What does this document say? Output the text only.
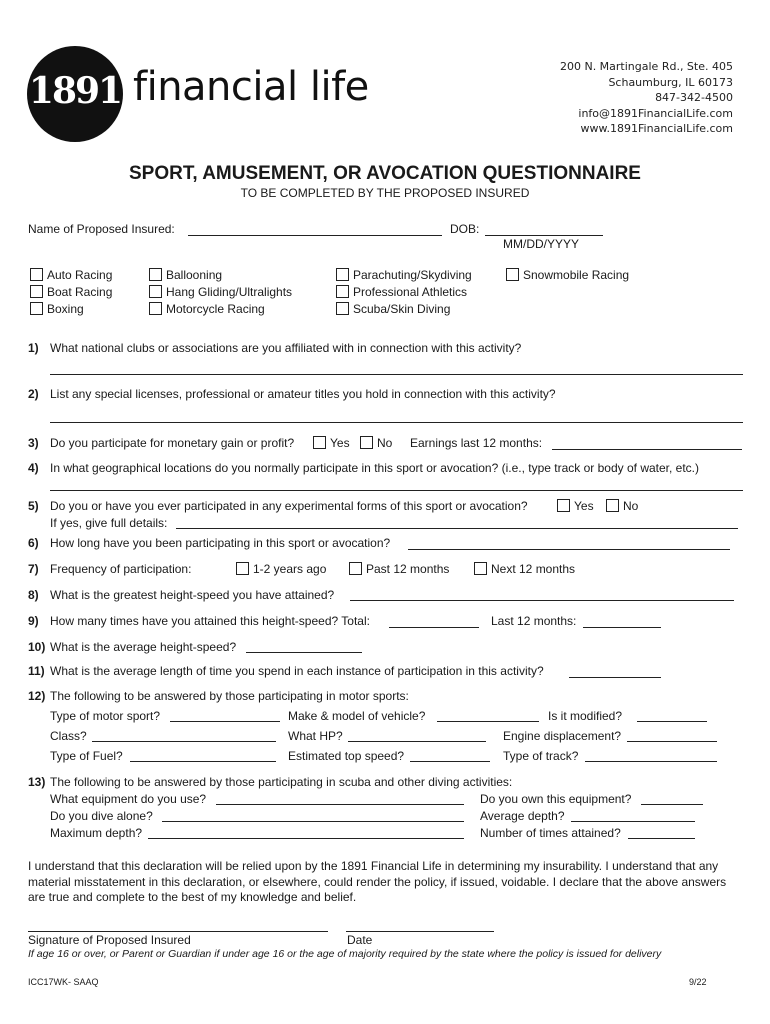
1891 financial life	200 N. Martingale Rd., Ste. 405
Schaumburg, IL 60173
847-342-4500
info@1891FinancialLife.com
www.1891FinancialLife.com
SPORT, AMUSEMENT, OR AVOCATION QUESTIONNAIRE
TO BE COMPLETED BY THE PROPOSED INSURED
Name of Proposed Insured:	DOB:
MM/DD/YYYY
Auto Racing
Boat Racing
Boxing
Ballooning
Hang Gliding/Ultralights
Motorcycle Racing
Parachuting/Skydiving
Professional Athletics
Scuba/Skin Diving
Snowmobile Racing
1) What national clubs or associations are you affiliated with in connection with this activity?
2) List any special licenses, professional or amateur titles you hold in connection with this activity?
3) Do you participate for monetary gain or profit?	Yes	No Earnings last 12 months:
4) In what geographical locations do you normally participate in this sport or avocation? (i.e., type track or body of water, etc.)
5) Do you or have you ever participated in any experimental forms of this sport or avocation?	Yes	No
If yes, give full details:
6) How long have you been participating in this sport or avocation?
7) Frequency of participation:	1-2 years ago	Past 12 months	Next 12 months
8) What is the greatest height-speed you have attained?
9) How many times have you attained this height-speed? Total:	Last 12 months:
10) What is the average height-speed?
11) What is the average length of time you spend in each instance of participation in this activity?
12) The following to be answered by those participating in motor sports:
Type of motor sport?	Make & model of vehicle?	Is it modified?
Class?	What HP?	Engine displacement?
Type of Fuel?	Estimated top speed?	Type of track?
13) The following to be answered by those participating in scuba and other diving activities:
What equipment do you use?	Do you own this equipment?
Do you dive alone?	Average depth?
Maximum depth?	Number of times attained?
I understand that this declaration will be relied upon by the 1891 Financial Life in determining my insurability. I understand that any material misstatement in this declaration, or elsewhere, could render the policy, if issued, voidable. I declare that the above answers are true and complete to the best of my knowledge and belief.
Signature of Proposed Insured	Date
If age 16 or over, or Parent or Guardian if under age 16 or the age of majority required by the state where the policy is issued for delivery
ICC17WK- SAAQ	9/22
